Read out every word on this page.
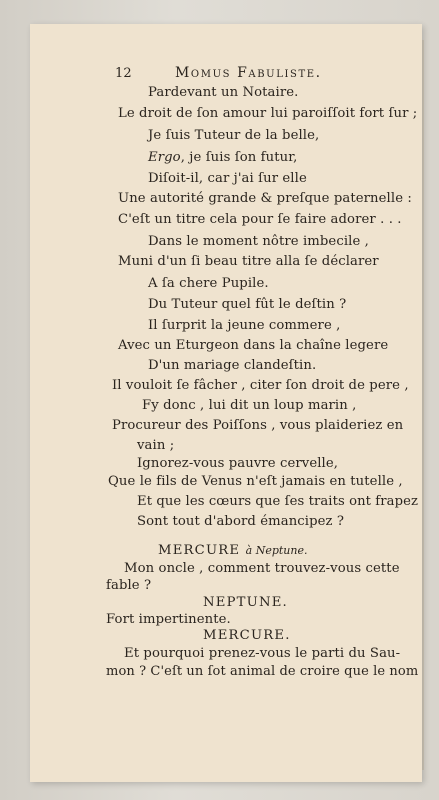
12	Momus Fabuliste.
Pardevant un Notaire.
Le droit de ſon amour lui paroiſſoit fort ſur ;
Je ſuis Tuteur de la belle,
Ergo, je ſuis ſon futur,
Diſoit-il, car j'ai ſur elle
Une autorité grande & preſque paternelle :
C'eſt un titre cela pour ſe faire adorer . . .
Dans le moment nôtre imbecile ,
Muni d'un ſi beau titre alla ſe déclarer
A ſa chere Pupile.
Du Tuteur quel fût le deſtin ?
Il ſurprit la jeune commere ,
Avec un Eturgeon dans la chaîne legere
D'un mariage clandeſtin.
Il vouloit ſe fâcher , citer ſon droit de pere ,
Fy donc , lui dit un loup marin ,
Procureur des Poiſſons , vous plaideriez en
vain ;
Ignorez-vous pauvre cervelle,
Que le fils de Venus n'eſt jamais en tutelle ,
Et que les cœurs que ſes traits ont frapez
Sont tout d'abord émancipez ?
MERCURE à Neptune.
Mon oncle , comment trouvez-vous cette
fable ?
NEPTUNE.
Fort impertinente.
MERCURE.
Et pourquoi prenez-vous le parti du Sau-
mon ? C'eſt un ſot animal de croire que le nom
